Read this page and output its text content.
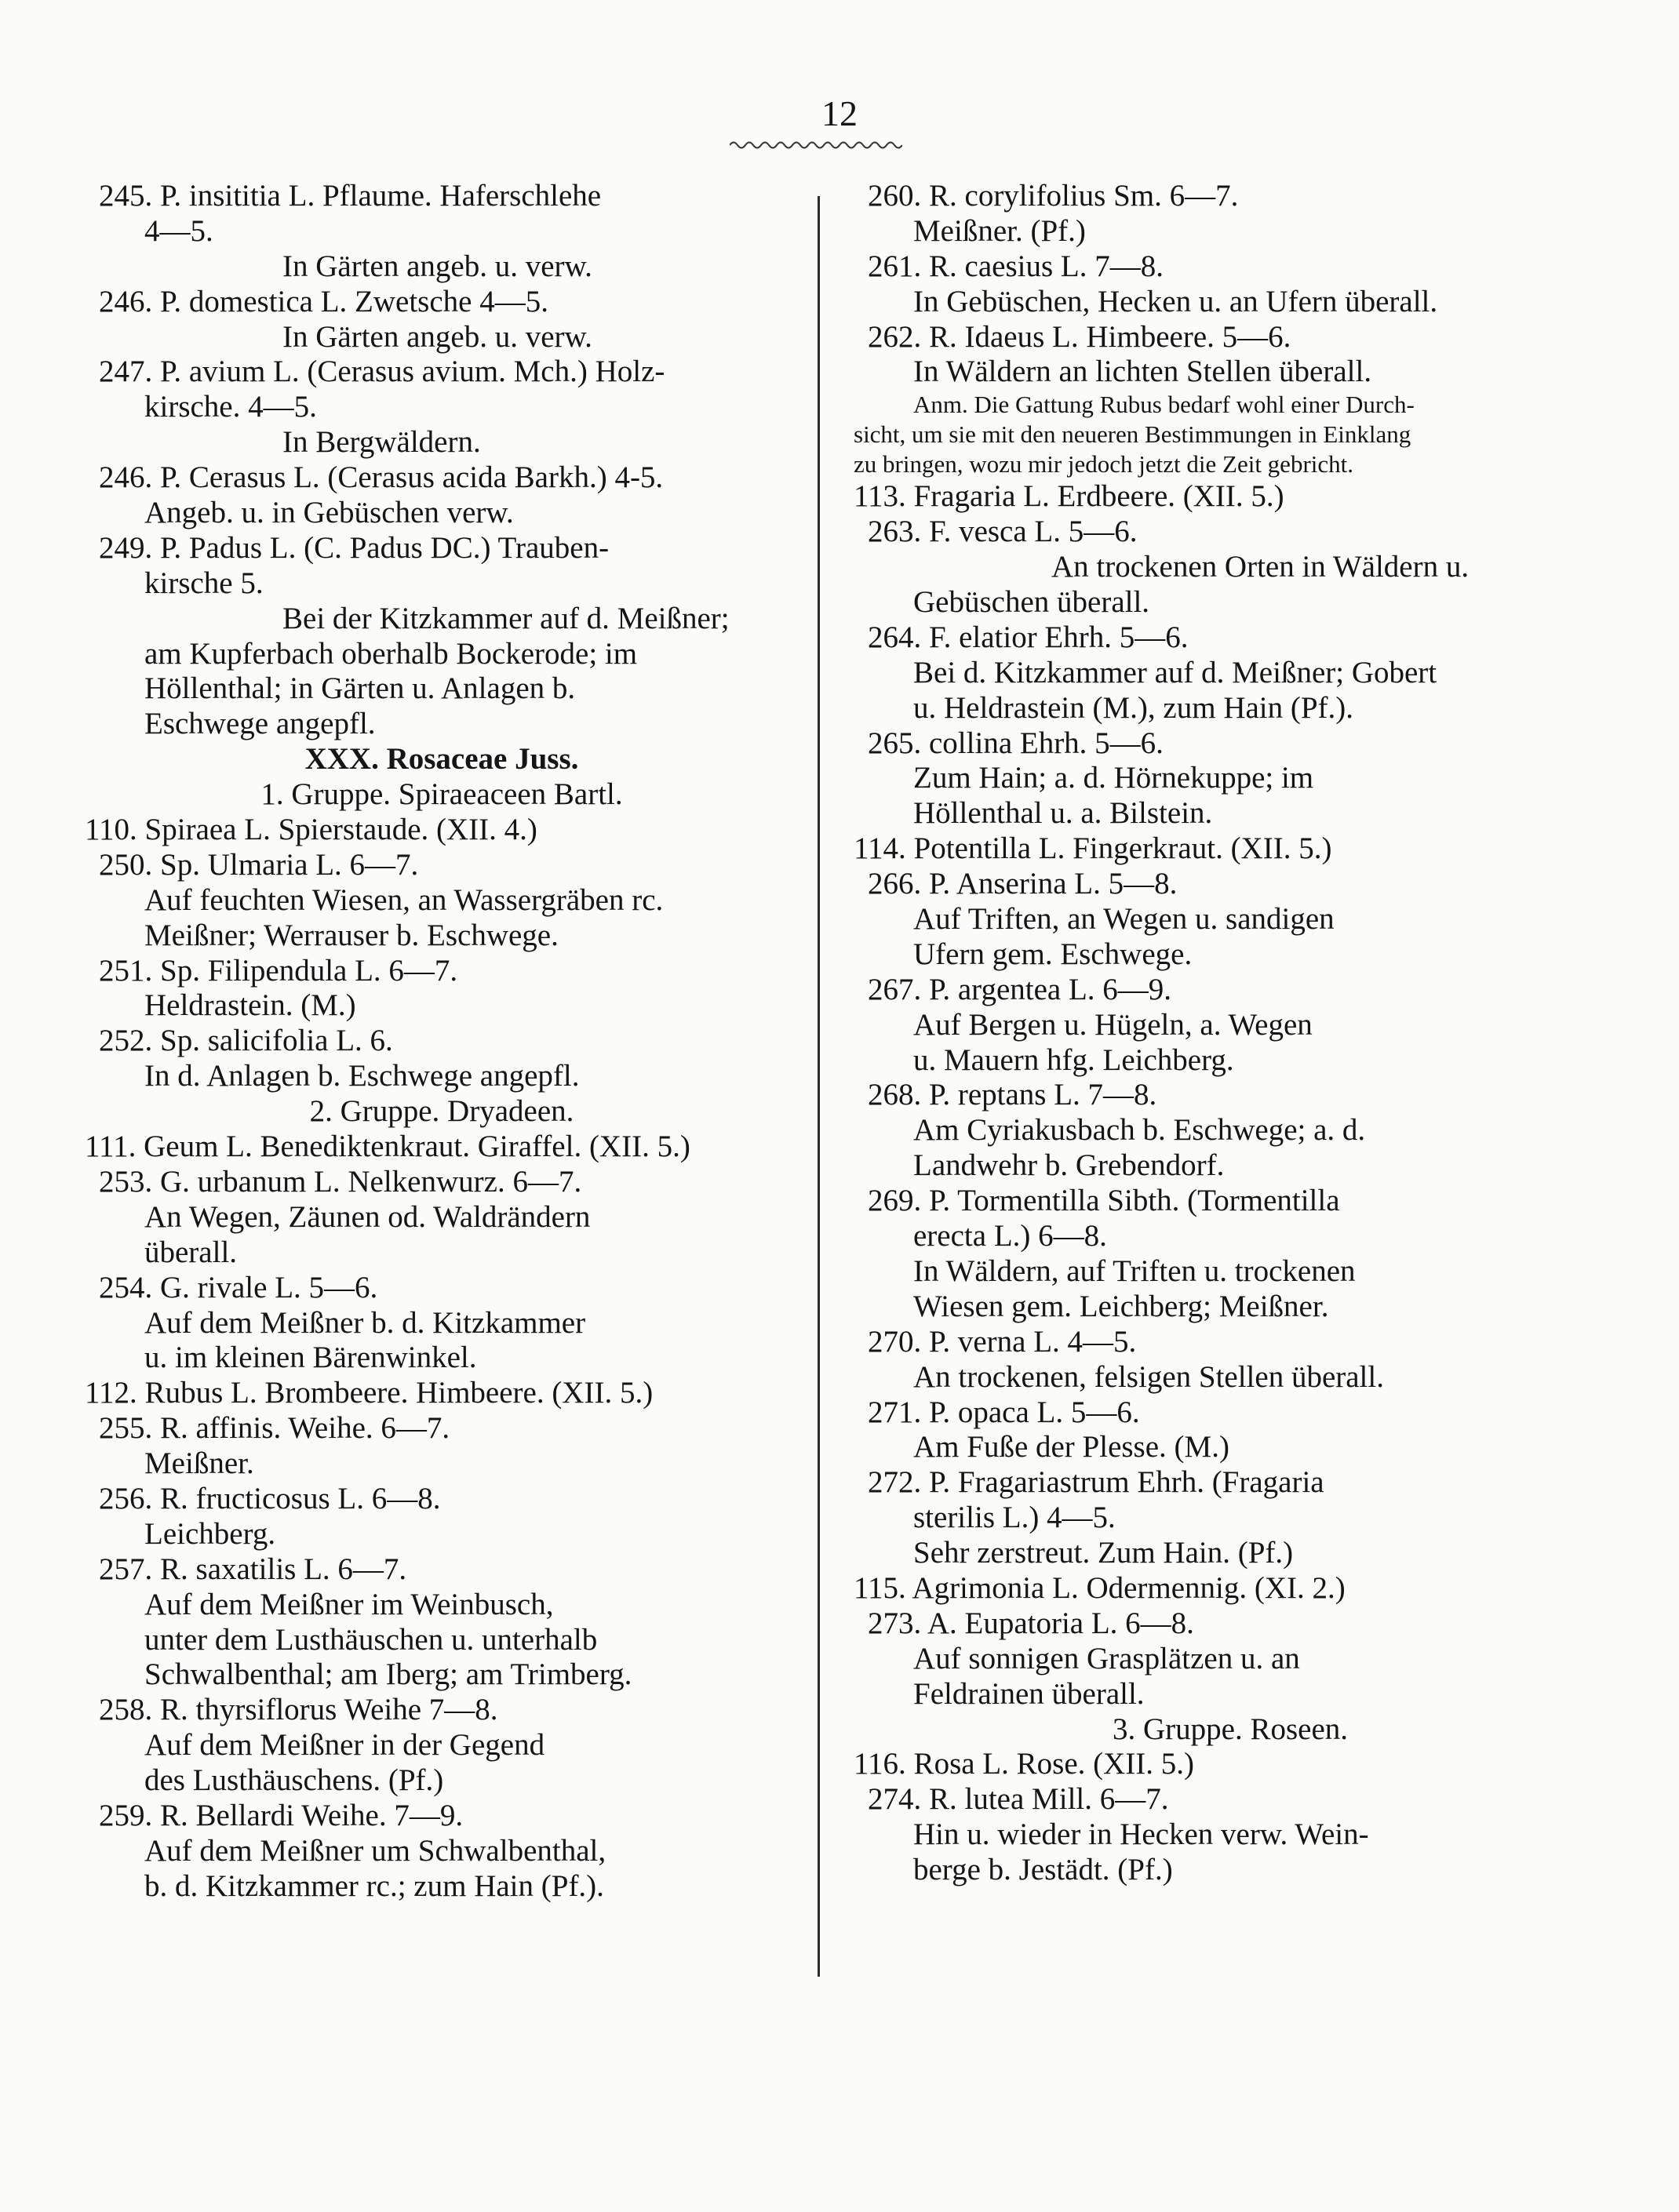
12
245. P. insititia L. Pflaume. Haferschlehe
4—5.
In Gärten angeb. u. verw.
246. P. domestica L. Zwetsche 4—5.
In Gärten angeb. u. verw.
247. P. avium L. (Cerasus avium. Mch.) Holz-
kirsche. 4—5.
In Bergwäldern.
246. P. Cerasus L. (Cerasus acida Barkh.) 4-5.
Angeb. u. in Gebüschen verw.
249. P. Padus L. (C. Padus DC.) Trauben-
kirsche 5.
Bei der Kitzkammer auf d. Meißner;
am Kupferbach oberhalb Bockerode; im
Höllenthal; in Gärten u. Anlagen b.
Eschwege angepfl.
XXX. Rosaceae Juss.
1. Gruppe. Spiraeaceen Bartl.
110. Spiraea L. Spierstaude. (XII. 4.)
250. Sp. Ulmaria L. 6—7.
Auf feuchten Wiesen, an Wassergräben rc.
Meißner; Werrauser b. Eschwege.
251. Sp. Filipendula L. 6—7.
Heldrastein. (M.)
252. Sp. salicifolia L. 6.
In d. Anlagen b. Eschwege angepfl.
2. Gruppe. Dryadeen.
111. Geum L. Benediktenkraut. Giraffel. (XII. 5.)
253. G. urbanum L. Nelkenwurz. 6—7.
An Wegen, Zäunen od. Waldrändern
überall.
254. G. rivale L. 5—6.
Auf dem Meißner b. d. Kitzkammer
u. im kleinen Bärenwinkel.
112. Rubus L. Brombeere. Himbeere. (XII. 5.)
255. R. affinis. Weihe. 6—7.
Meißner.
256. R. fructicosus L. 6—8.
Leichberg.
257. R. saxatilis L. 6—7.
Auf dem Meißner im Weinbusch,
unter dem Lusthäuschen u. unterhalb
Schwalbenthal; am Iberg; am Trimberg.
258. R. thyrsiflorus Weihe 7—8.
Auf dem Meißner in der Gegend
des Lusthäuschens. (Pf.)
259. R. Bellardi Weihe. 7—9.
Auf dem Meißner um Schwalbenthal,
b. d. Kitzkammer rc.; zum Hain (Pf.).
260. R. corylifolius Sm. 6—7.
Meißner. (Pf.)
261. R. caesius L. 7—8.
In Gebüschen, Hecken u. an Ufern überall.
262. R. Idaeus L. Himbeere. 5—6.
In Wäldern an lichten Stellen überall.
Anm. Die Gattung Rubus bedarf wohl einer Durch-
sicht, um sie mit den neueren Bestimmungen in Einklang
zu bringen, wozu mir jedoch jetzt die Zeit gebricht.
113. Fragaria L. Erdbeere. (XII. 5.)
263. F. vesca L. 5—6.
An trockenen Orten in Wäldern u.
Gebüschen überall.
264. F. elatior Ehrh. 5—6.
Bei d. Kitzkammer auf d. Meißner; Gobert
u. Heldrastein (M.), zum Hain (Pf.).
265. collina Ehrh. 5—6.
Zum Hain; a. d. Hörnekuppe; im
Höllenthal u. a. Bilstein.
114. Potentilla L. Fingerkraut. (XII. 5.)
266. P. Anserina L. 5—8.
Auf Triften, an Wegen u. sandigen
Ufern gem. Eschwege.
267. P. argentea L. 6—9.
Auf Bergen u. Hügeln, a. Wegen
u. Mauern hfg. Leichberg.
268. P. reptans L. 7—8.
Am Cyriakusbach b. Eschwege; a. d.
Landwehr b. Grebendorf.
269. P. Tormentilla Sibth. (Tormentilla
erecta L.) 6—8.
In Wäldern, auf Triften u. trockenen
Wiesen gem. Leichberg; Meißner.
270. P. verna L. 4—5.
An trockenen, felsigen Stellen überall.
271. P. opaca L. 5—6.
Am Fuße der Plesse. (M.)
272. P. Fragariastrum Ehrh. (Fragaria
sterilis L.) 4—5.
Sehr zerstreut. Zum Hain. (Pf.)
115. Agrimonia L. Odermennig. (XI. 2.)
273. A. Eupatoria L. 6—8.
Auf sonnigen Grasplätzen u. an
Feldrainen überall.
3. Gruppe. Roseen.
116. Rosa L. Rose. (XII. 5.)
274. R. lutea Mill. 6—7.
Hin u. wieder in Hecken verw. Wein-
berge b. Jestädt. (Pf.)
